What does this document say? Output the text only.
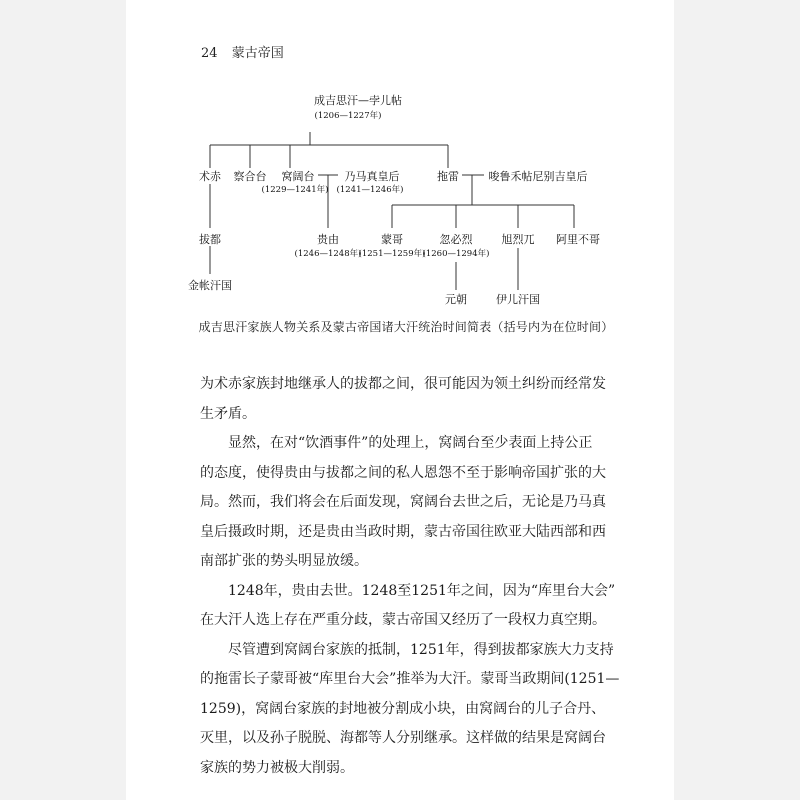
24 蒙古帝国
成吉思汗—孛儿帖
(1206—1227年)
术赤 察合台 窝阔台
(1229—1241年)
乃马真皇后
(1241—1246年)
拖雷	唆鲁禾帖尼别吉皇后
拔都	贵由
(1246—1248年)
蒙哥
(1251—1259年)
忽必烈
(1260—1294年)
旭烈兀 阿里不哥
金帐汗国
元朝	伊儿汗国
成吉思汗家族人物关系及蒙古帝国诸大汗统治时间简表（括号内为在位时间）
为术赤家族封地继承人的拔都之间，很可能因为领土纠纷而经常发
生矛盾。
显然，在对“饮酒事件”的处理上，窝阔台至少表面上持公正
的态度，使得贵由与拔都之间的私人恩怨不至于影响帝国扩张的大
局。然而，我们将会在后面发现，窝阔台去世之后，无论是乃马真
皇后摄政时期，还是贵由当政时期，蒙古帝国往欧亚大陆西部和西
南部扩张的势头明显放缓。
1248年，贵由去世。1248至1251年之间，因为“库里台大会”
在大汗人选上存在严重分歧，蒙古帝国又经历了一段权力真空期。
尽管遭到窝阔台家族的抵制，1251年，得到拔都家族大力支持
的拖雷长子蒙哥被“库里台大会”推举为大汗。蒙哥当政期间(1251—
1259)，窝阔台家族的封地被分割成小块，由窝阔台的儿子合丹、
灭里，以及孙子脱脱、海都等人分别继承。这样做的结果是窝阔台
家族的势力被极大削弱。
